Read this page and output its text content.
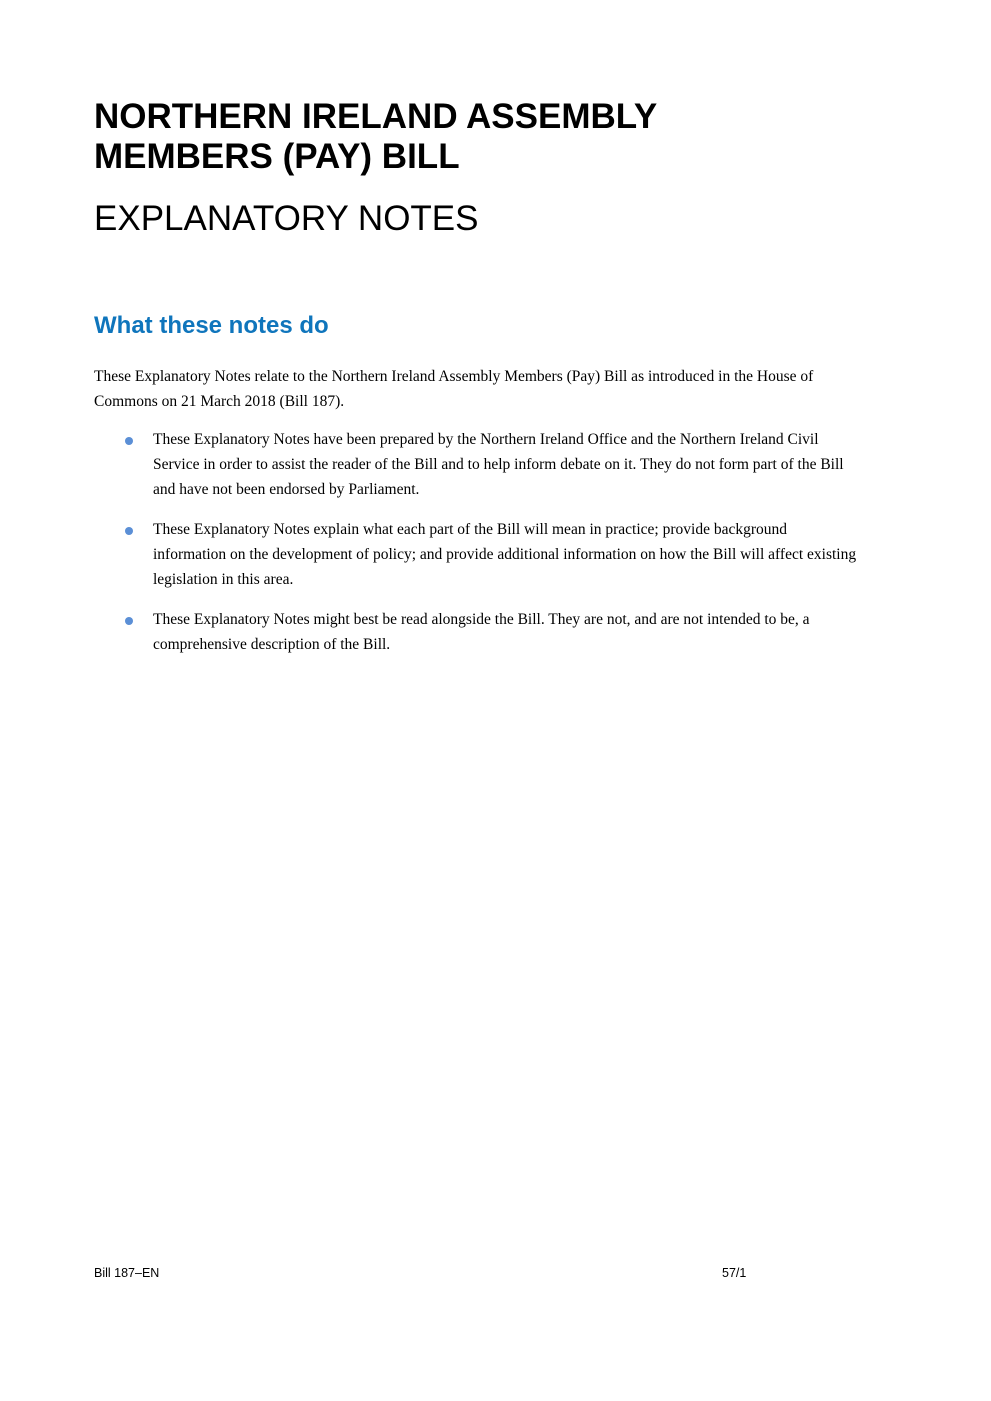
NORTHERN IRELAND ASSEMBLY
MEMBERS (PAY) BILL
EXPLANATORY NOTES
What these notes do

These Explanatory Notes relate to the Northern Ireland Assembly Members (Pay) Bill as introduced in the House of Commons on 21 March 2018 (Bill 187).

These Explanatory Notes have been prepared by the Northern Ireland Office and the Northern Ireland Civil Service in order to assist the reader of the Bill and to help inform debate on it. They do not form part of the Bill and have not been endorsed by Parliament.
These Explanatory Notes explain what each part of the Bill will mean in practice; provide background information on the development of policy; and provide additional information on how the Bill will affect existing legislation in this area.
These Explanatory Notes might best be read alongside the Bill. They are not, and are not intended to be, a comprehensive description of the Bill.
Bill 187–EN	57/1
